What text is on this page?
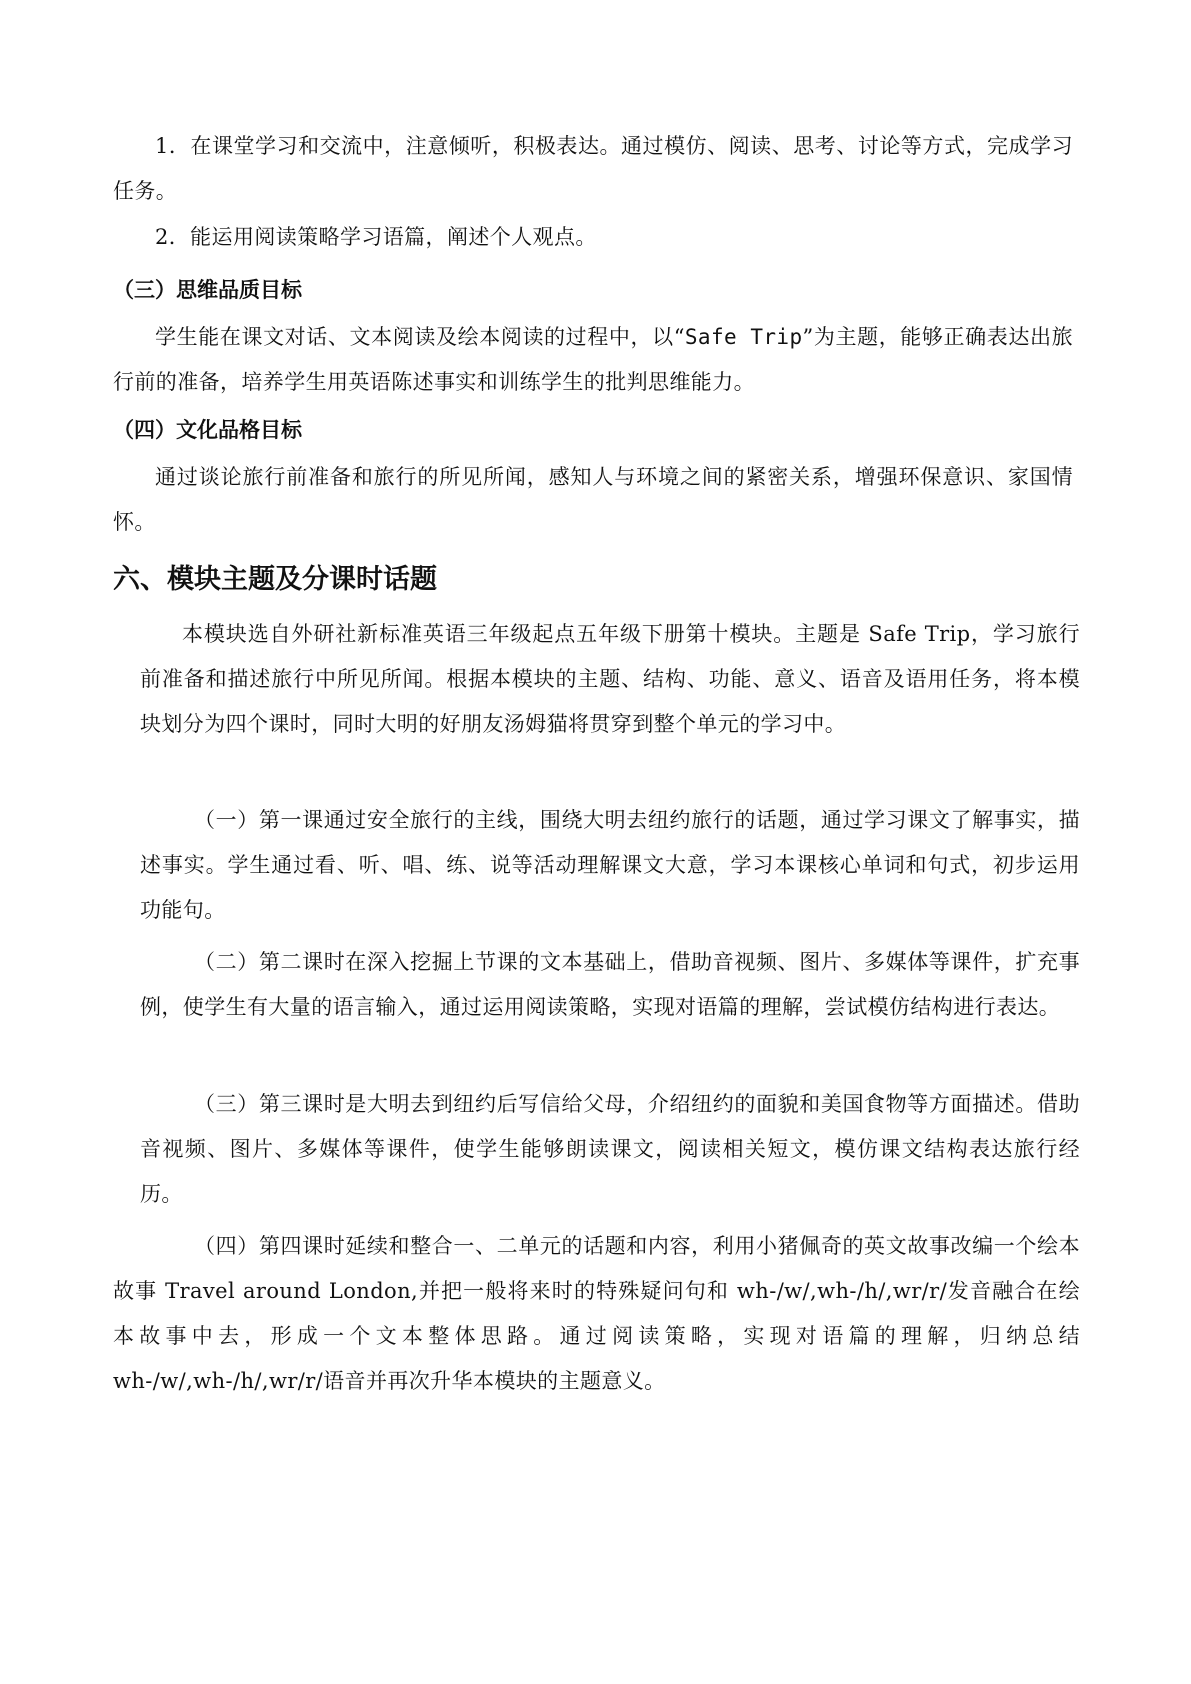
1．在课堂学习和交流中，注意倾听，积极表达。通过模仿、阅读、思考、讨论等方式，完成学习任务。

2．能运用阅读策略学习语篇，阐述个人观点。

（三）思维品质目标

学生能在课文对话、文本阅读及绘本阅读的过程中，以“Safe Trip”为主题，能够正确表达出旅行前的准备，培养学生用英语陈述事实和训练学生的批判思维能力。

（四）文化品格目标

通过谈论旅行前准备和旅行的所见所闻，感知人与环境之间的紧密关系，增强环保意识、家国情怀。

六、模块主题及分课时话题

本模块选自外研社新标准英语三年级起点五年级下册第十模块。主题是 Safe Trip，学习旅行前准备和描述旅行中所见所闻。根据本模块的主题、结构、功能、意义、语音及语用任务，将本模块划分为四个课时，同时大明的好朋友汤姆猫将贯穿到整个单元的学习中。

（一）第一课通过安全旅行的主线，围绕大明去纽约旅行的话题，通过学习课文了解事实，描述事实。学生通过看、听、唱、练、说等活动理解课文大意，学习本课核心单词和句式，初步运用功能句。

（二）第二课时在深入挖掘上节课的文本基础上，借助音视频、图片、多媒体等课件，扩充事例，使学生有大量的语言输入，通过运用阅读策略，实现对语篇的理解，尝试模仿结构进行表达。

（三）第三课时是大明去到纽约后写信给父母，介绍纽约的面貌和美国食物等方面描述。借助音视频、图片、多媒体等课件，使学生能够朗读课文，阅读相关短文，模仿课文结构表达旅行经历。

（四）第四课时延续和整合一、二单元的话题和内容，利用小猪佩奇的英文故事改编一个绘本故事 Travel around London,并把一般将来时的特殊疑问句和 wh-/w/,wh-/h/,wr/r/发音融合在绘本故事中去，形成一个文本整体思路。通过阅读策略，实现对语篇的理解，归纳总结 wh-/w/,wh-/h/,wr/r/语音并再次升华本模块的主题意义。
